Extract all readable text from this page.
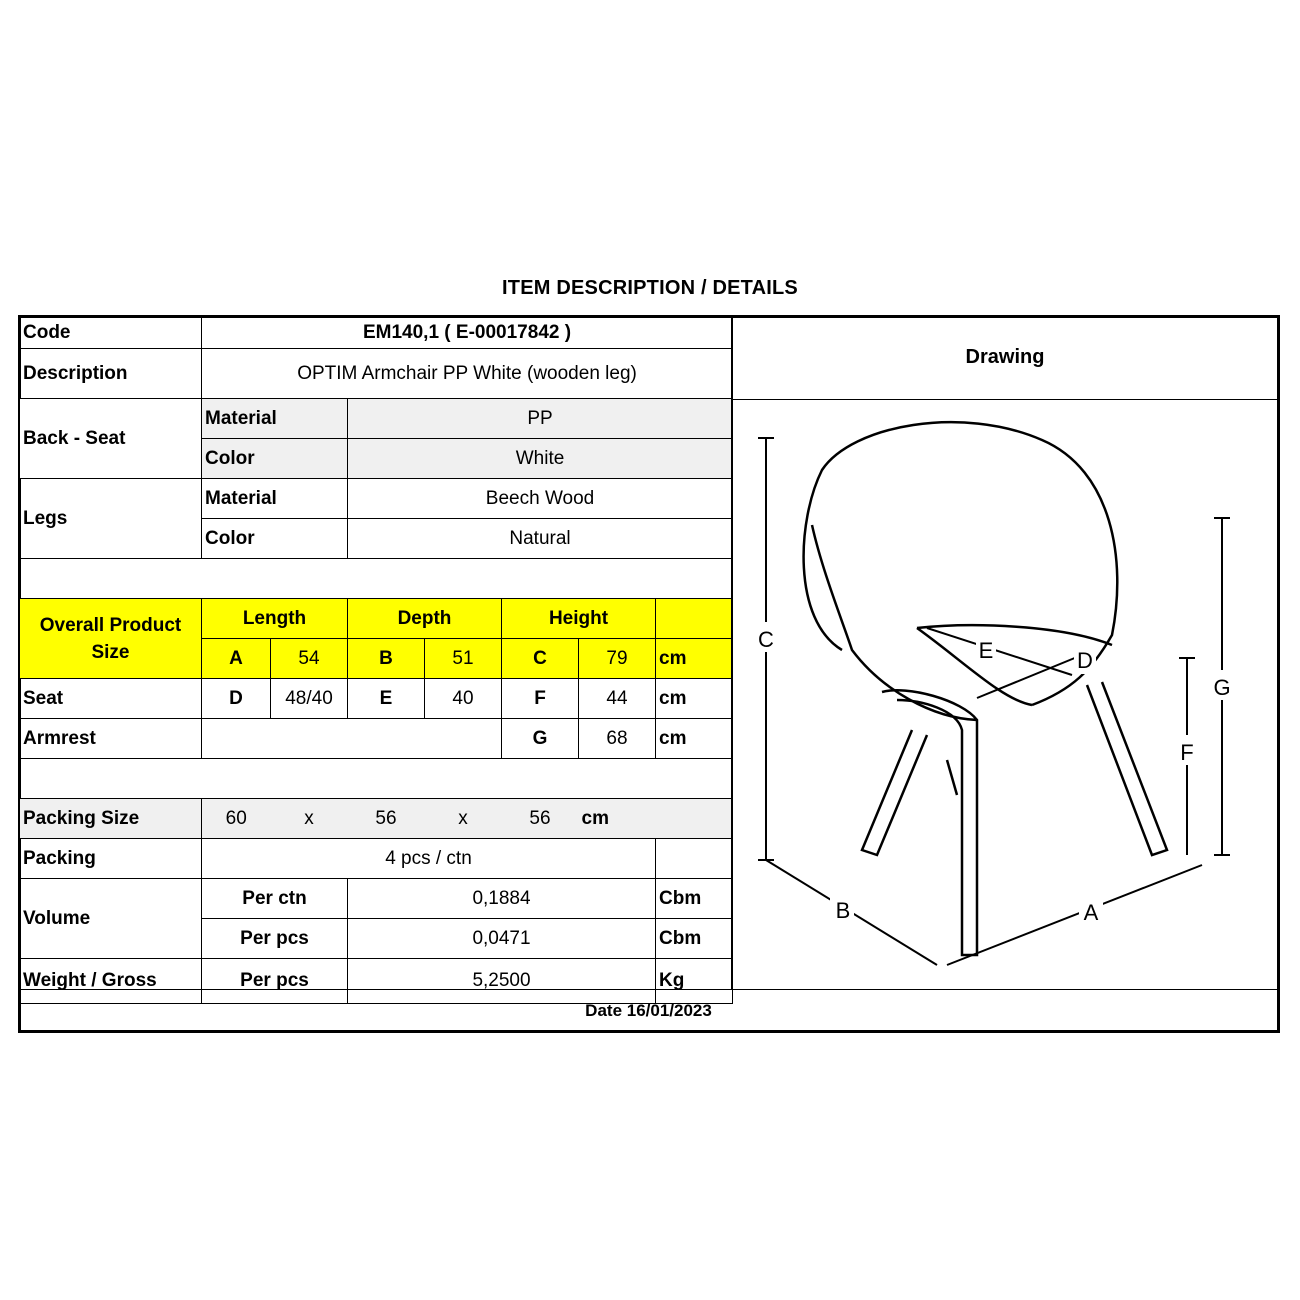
ITEM DESCRIPTION / DETAILS
Code	EM140,1 ( E-00017842 )						
Description	OPTIM Armchair PP White (wooden leg)						
Back - Seat	Material		PP				
	Color		White				
Legs	Material		Beech Wood				
	Color		Natural				

Overall Product Size	Length		Depth		Height		
	A	54	B	51	C	79	cm
Seat	D	48/40	E	40	F	44	cm
Armrest					G	68	cm

Packing Size	60	x	56	x	56	cm	
Packing	4 pcs / ctn						
Volume	Per ctn		0,1884				Cbm
	Per pcs		0,0471				Cbm
Weight / Gross	Per pcs		5,2500				Kg
Drawing
C
G
F
B	A
E	D
Date 16/01/2023
